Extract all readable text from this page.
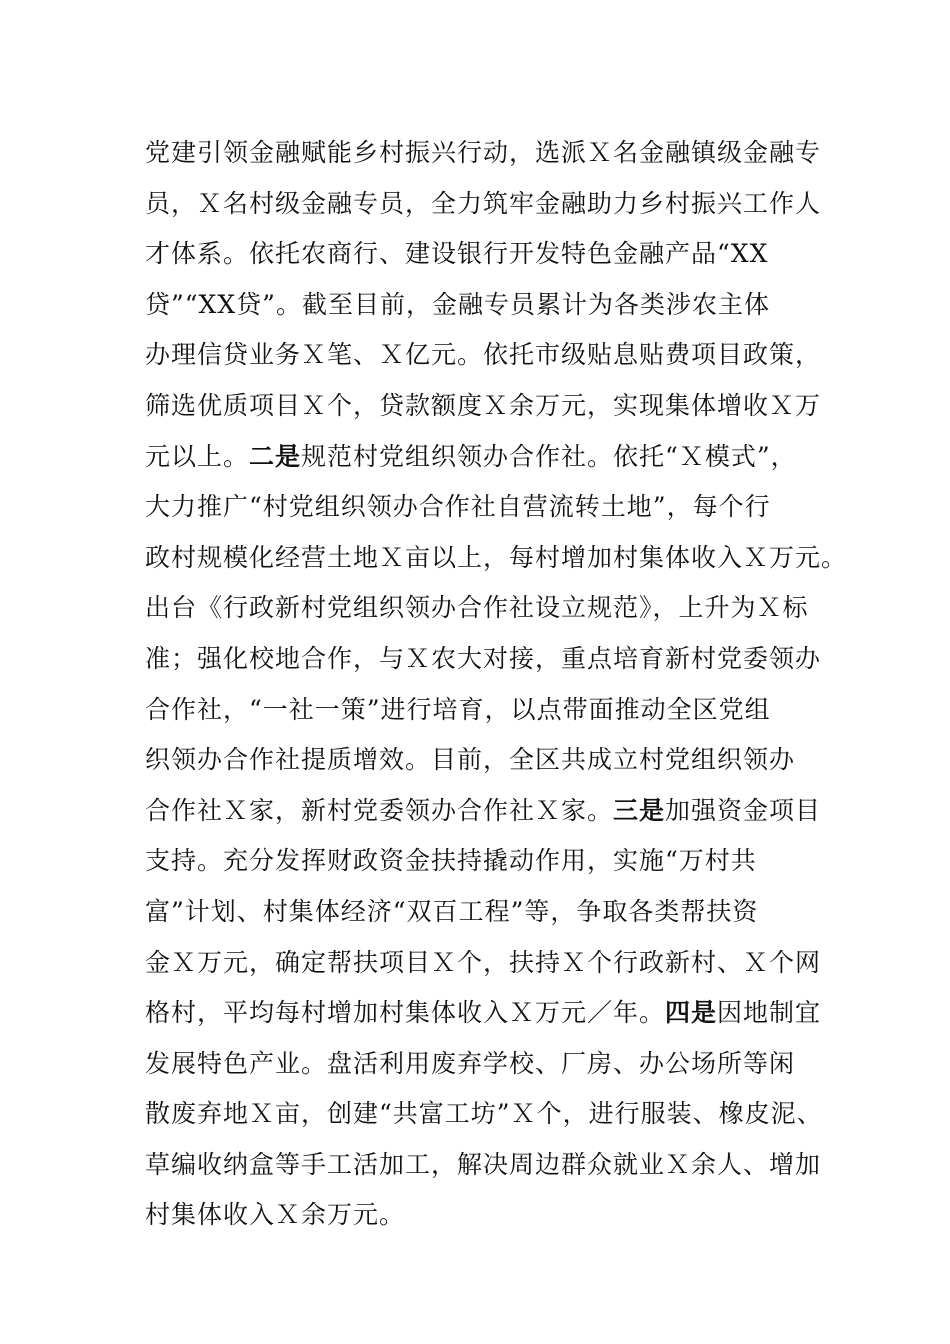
党建引领金融赋能乡村振兴行动，选派Ｘ名金融镇级金融专
员，Ｘ名村级金融专员，全力筑牢金融助力乡村振兴工作人
才体系。依托农商行、建设银行开发特色金融产品“XX
贷”“XX贷”。截至目前，金融专员累计为各类涉农主体
办理信贷业务Ｘ笔、Ｘ亿元。依托市级贴息贴费项目政策，
筛选优质项目Ｘ个，贷款额度Ｘ余万元，实现集体增收Ｘ万
元以上。二是规范村党组织领办合作社。依托“Ｘ模式”，
大力推广“村党组织领办合作社自营流转土地”，每个行
政村规模化经营土地Ｘ亩以上，每村增加村集体收入Ｘ万元。
出台《行政新村党组织领办合作社设立规范》，上升为Ｘ标
准；强化校地合作，与Ｘ农大对接，重点培育新村党委领办
合作社，“一社一策”进行培育，以点带面推动全区党组
织领办合作社提质增效。目前，全区共成立村党组织领办
合作社Ｘ家，新村党委领办合作社Ｘ家。三是加强资金项目
支持。充分发挥财政资金扶持撬动作用，实施“万村共
富”计划、村集体经济“双百工程”等，争取各类帮扶资
金Ｘ万元，确定帮扶项目Ｘ个，扶持Ｘ个行政新村、Ｘ个网
格村，平均每村增加村集体收入Ｘ万元／年。四是因地制宜
发展特色产业。盘活利用废弃学校、厂房、办公场所等闲
散废弃地Ｘ亩，创建“共富工坊”Ｘ个，进行服装、橡皮泥、
草编收纳盒等手工活加工，解决周边群众就业Ｘ余人、增加
村集体收入Ｘ余万元。
